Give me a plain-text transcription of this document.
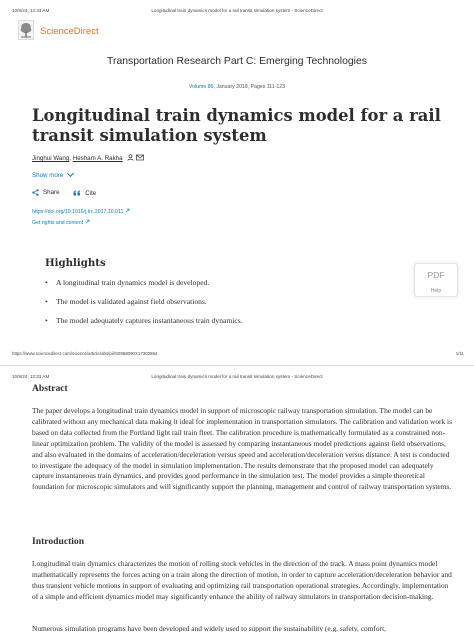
10/9/24, 12:33 AM	Longitudinal train dynamics model for a rail transit simulation system - ScienceDirect
ScienceDirect
Transportation Research Part C: Emerging Technologies
Volume 86, January 2018, Pages 111-123
Longitudinal train dynamics model for a rail transit simulation system
Jinghui Wang, Hesham A. Rakha
Show more
Share
	Cite
https://doi.org/10.1016/j.trc.2017.10.011
Get rights and content
Highlights
• A longitudinal train dynamics model is developed.
• The model is validated against field observations.
• The model adequately captures instantaneous train dynamics.
PDF
Help
https://www.sciencedirect.com/science/article/abs/pii/S0968090X17302864	1/11
10/9/24, 12:33 AM	Longitudinal train dynamics model for a rail transit simulation system - ScienceDirect
Abstract

The paper develops a longitudinal train dynamics model in support of microscopic railway transportation simulation. The model can be calibrated without any mechanical data making it ideal for implementation in transportation simulators. The calibration and validation work is based on data collected from the Portland light rail train fleet. The calibration procedure is mathematically formulated as a constrained non-linear optimization problem. The validity of the model is assessed by comparing instantaneous model predictions against field observations, and also evaluated in the domains of acceleration/deceleration versus speed and acceleration/deceleration versus distance. A test is conducted to investigate the adequacy of the model in simulation implementation. The results demonstrate that the proposed model can adequately capture instantaneous train dynamics, and provides good performance in the simulation test. The model provides a simple theoretical foundation for microscopic simulators and will significantly support the planning, management and control of railway transportation systems.

Introduction

Longitudinal train dynamics characterizes the motion of rolling stock vehicles in the direction of the track. A mass point dynamics model mathematically represents the forces acting on a train along the direction of motion, in order to capture acceleration/deceleration behavior and thus transient vehicle motions in support of evaluating and optimizing rail transportation operational strategies. Accordingly, implementation of a simple and efficient dynamics model may significantly enhance the ability of railway simulators in transportation decision-making.

Numerous simulation programs have been developed and widely used to support the sustainability (e.g. safety, comfort,
